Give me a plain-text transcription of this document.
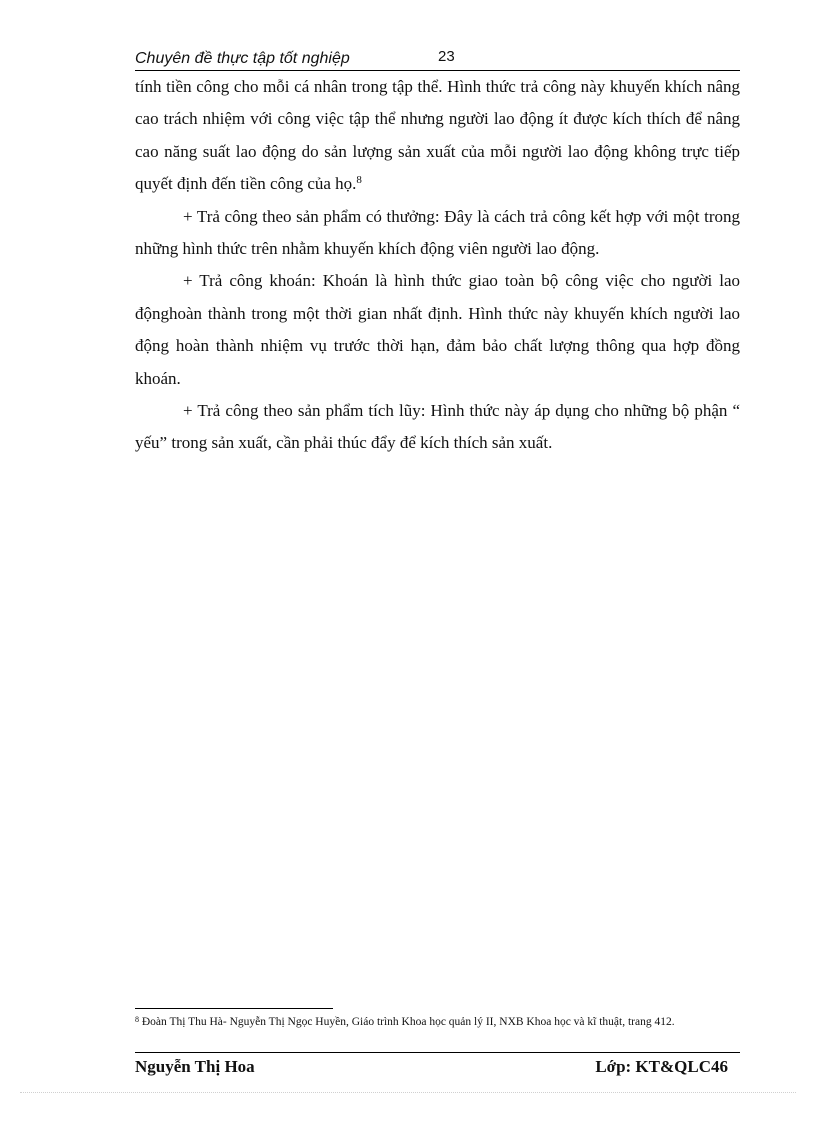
Chuyên đề thực tập tốt nghiệp	23

tính tiền công cho mỗi cá nhân trong tập thể. Hình thức trả công này khuyến khích nâng cao trách nhiệm với công việc tập thể nhưng người lao động ít được kích thích để nâng cao năng suất lao động do sản lượng sản xuất của mỗi người lao động không trực tiếp quyết định đến tiền công của họ.$^8$

+ Trả công theo sản phẩm có thưởng: Đây là cách trả công kết hợp với một trong những hình thức trên nhằm khuyến khích động viên người lao động.

+ Trả công khoán: Khoán là hình thức giao toàn bộ công việc cho người lao độnghoàn thành trong một thời gian nhất định. Hình thức này khuyến khích người lao động hoàn thành nhiệm vụ trước thời hạn, đảm bảo chất lượng thông qua hợp đồng khoán.

+ Trả công theo sản phẩm tích lũy: Hình thức này áp dụng cho những bộ phận “ yếu” trong sản xuất, cần phải thúc đẩy để kích thích sản xuất.

$^8$ Đoàn Thị Thu Hà- Nguyễn Thị Ngọc Huyền, Giáo trình Khoa học quản lý II, NXB Khoa học và kĩ thuật, trang 412.
Nguyễn Thị Hoa	Lớp: KT&QLC46
